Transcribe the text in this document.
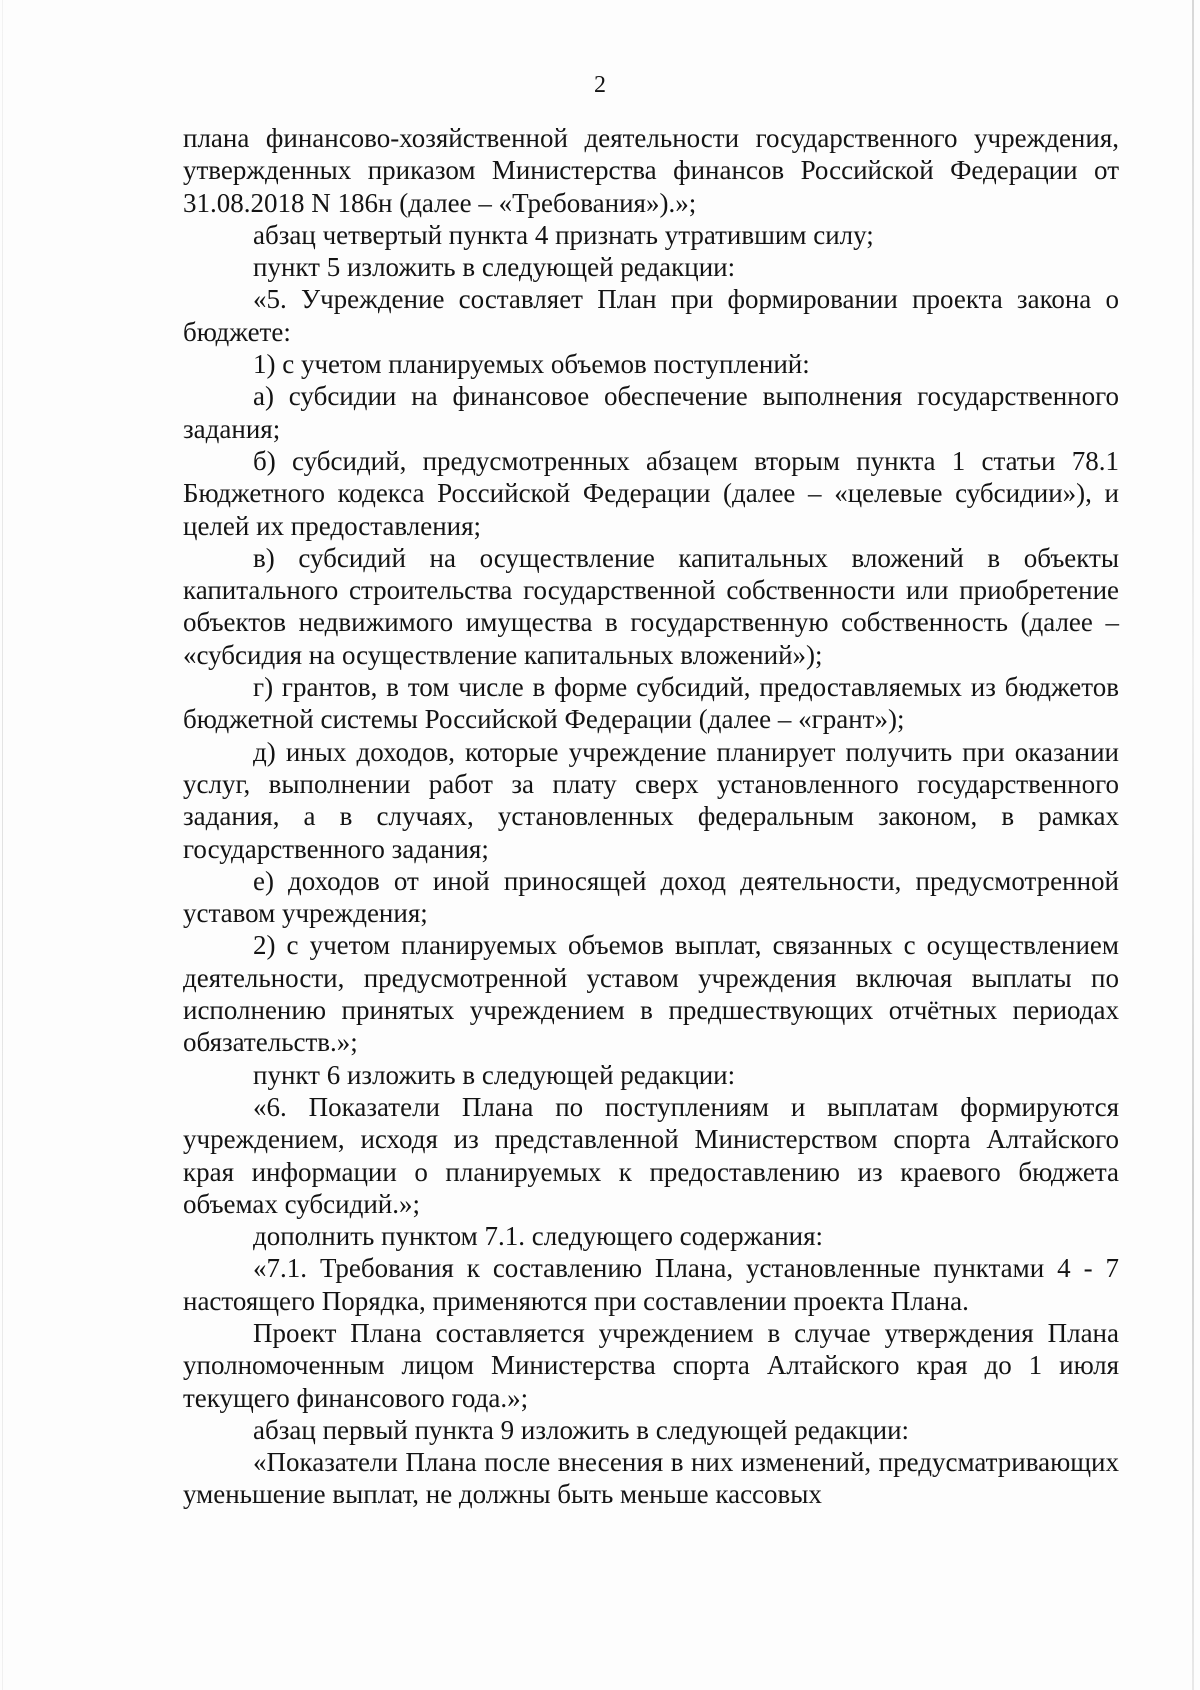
2

плана финансово-хозяйственной деятельности государственного учреждения, утвержденных приказом Министерства финансов Российской Федерации от 31.08.2018 N 186н (далее – «Требования»).»;

абзац четвертый пункта 4 признать утратившим силу;

пункт 5 изложить в следующей редакции:

«5. Учреждение составляет План при формировании проекта закона о бюджете:

1) с учетом планируемых объемов поступлений:

а) субсидии на финансовое обеспечение выполнения государственного задания;

б) субсидий, предусмотренных абзацем вторым пункта 1 статьи 78.1 Бюджетного кодекса Российской Федерации (далее – «целевые субсидии»), и целей их предоставления;

в) субсидий на осуществление капитальных вложений в объекты капитального строительства государственной собственности или приобретение объектов недвижимого имущества в государственную собственность (далее – «субсидия на осуществление капитальных вложений»);

г) грантов, в том числе в форме субсидий, предоставляемых из бюджетов бюджетной системы Российской Федерации (далее – «грант»);

д) иных доходов, которые учреждение планирует получить при оказании услуг, выполнении работ за плату сверх установленного государственного задания, а в случаях, установленных федеральным законом, в рамках государственного задания;

е) доходов от иной приносящей доход деятельности, предусмотренной уставом учреждения;

2) с учетом планируемых объемов выплат, связанных с осуществлением деятельности, предусмотренной уставом учреждения включая выплаты по исполнению принятых учреждением в предшествующих отчётных периодах обязательств.»;

пункт 6 изложить в следующей редакции:

«6. Показатели Плана по поступлениям и выплатам формируются учреждением, исходя из представленной Министерством спорта Алтайского края информации о планируемых к предоставлению из краевого бюджета объемах субсидий.»;

дополнить пунктом 7.1. следующего содержания:

«7.1. Требования к составлению Плана, установленные пунктами 4 - 7 настоящего Порядка, применяются при составлении проекта Плана.

Проект Плана составляется учреждением в случае утверждения Плана уполномоченным лицом Министерства спорта Алтайского края до 1 июля текущего финансового года.»;

абзац первый пункта 9 изложить в следующей редакции:

«Показатели Плана после внесения в них изменений, предусматривающих уменьшение выплат, не должны быть меньше кассовых
